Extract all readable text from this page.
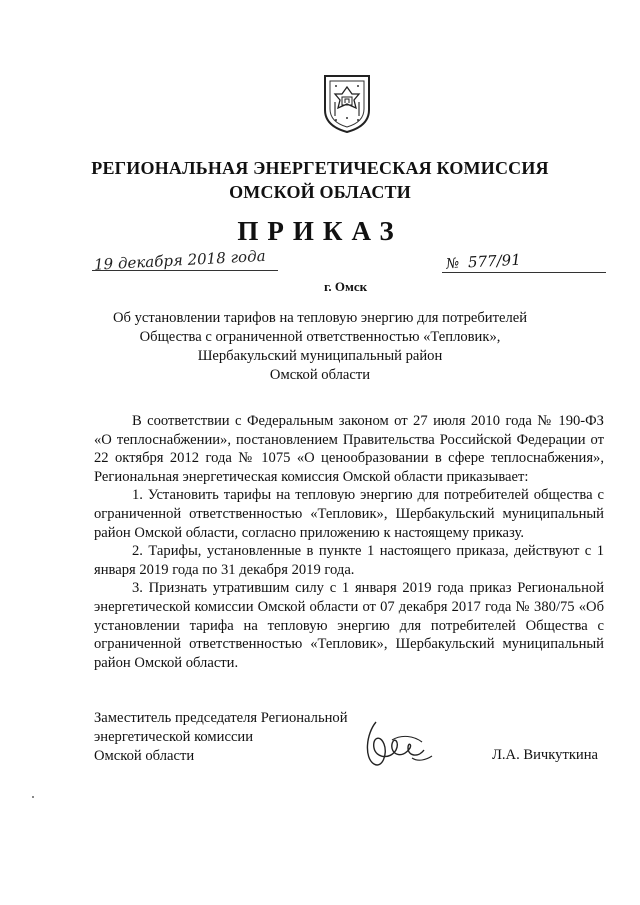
РЕГИОНАЛЬНАЯ ЭНЕРГЕТИЧЕСКАЯ КОМИССИЯ
ОМСКОЙ ОБЛАСТИ
ПРИКАЗ
19 декабря 2018 года	№ 577/91
г. Омск
Об установлении тарифов на тепловую энергию для потребителей
Общества с ограниченной ответственностью «Тепловик»,
Шербакульский муниципальный район
Омской области

В соответствии с Федеральным законом от 27 июля 2010 года № 190-ФЗ «О теплоснабжении», постановлением Правительства Российской Федерации от 22 октября 2012 года № 1075 «О ценообразовании в сфере теплоснабжения», Региональная энергетическая комиссия Омской области приказывает:

1. Установить тарифы на тепловую энергию для потребителей общества с ограниченной ответственностью «Тепловик», Шербакульский муниципальный район Омской области, согласно приложению к настоящему приказу.

2. Тарифы, установленные в пункте 1 настоящего приказа, действуют с 1 января 2019 года по 31 декабря 2019 года.

3. Признать утратившим силу с 1 января 2019 года приказ Региональной энергетической комиссии Омской области от 07 декабря 2017 года № 380/75 «Об установлении тарифа на тепловую энергию для потребителей Общества с ограниченной ответственностью «Тепловик», Шербакульский муниципальный район Омской области.

Заместитель председателя Региональной
энергетической комиссии
Омской области	Л.А. Вичкуткина
